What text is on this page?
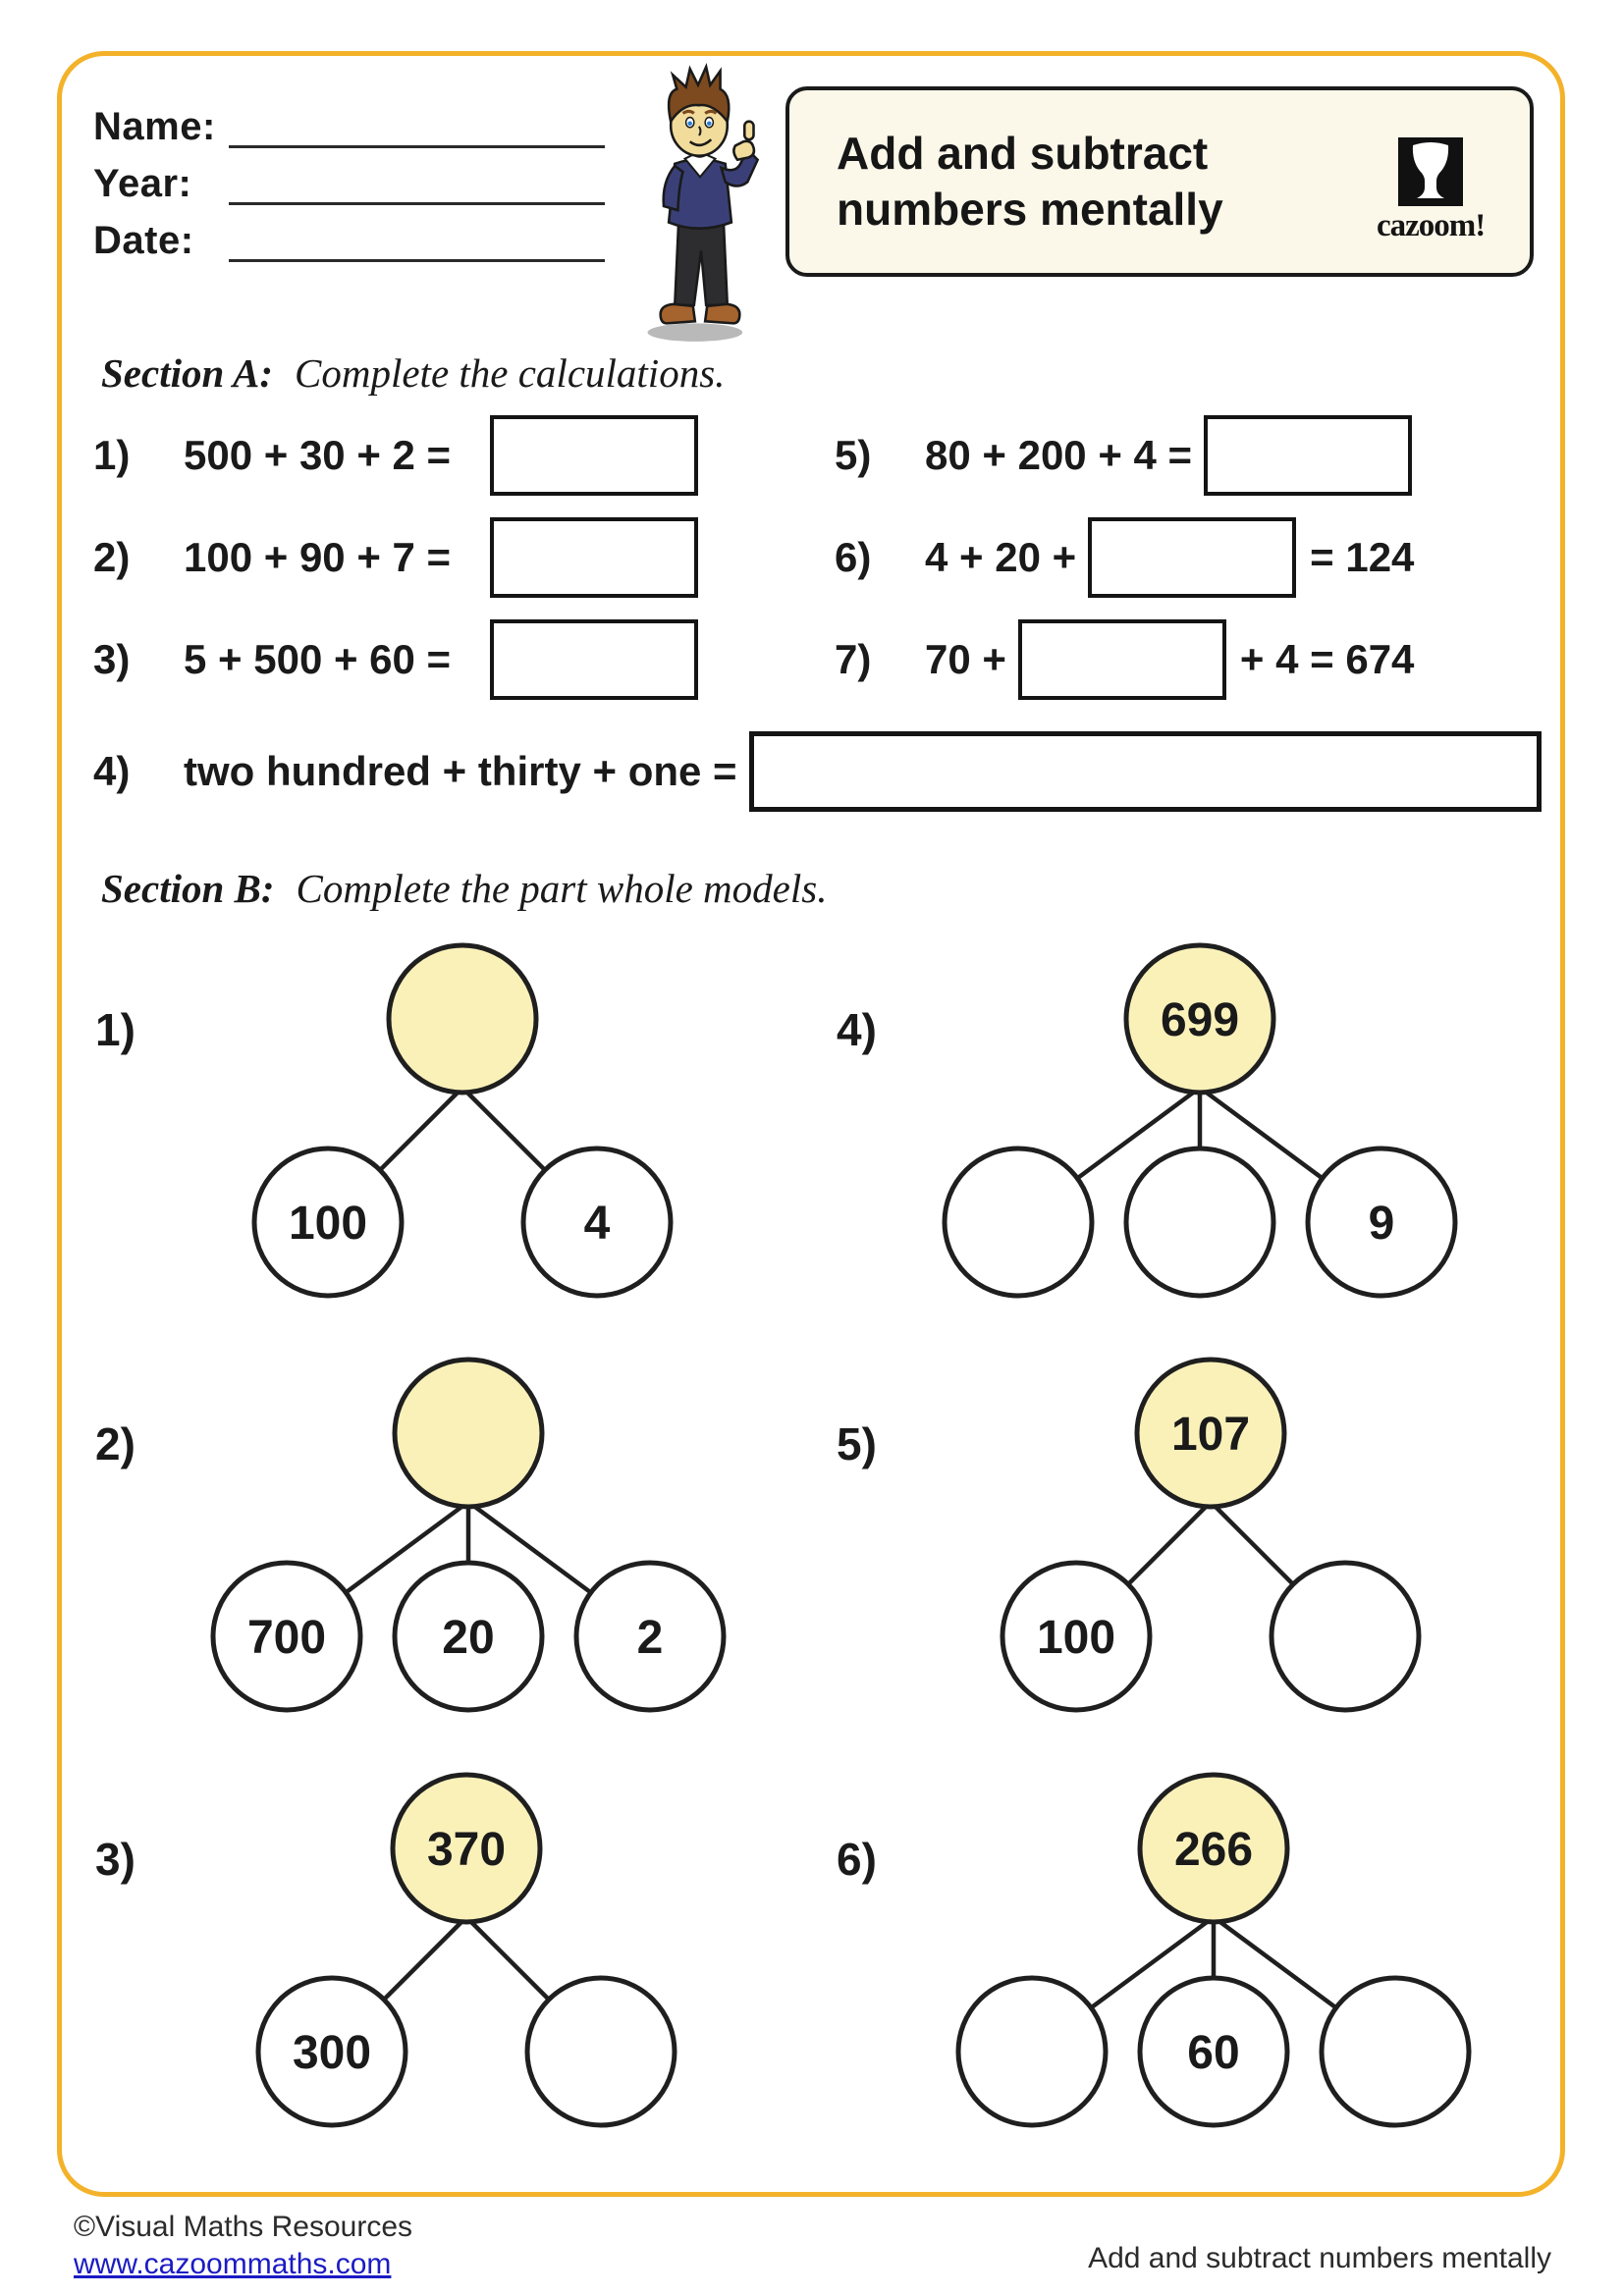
Name:
Year:
Date:
Add and subtract
numbers mentally	cazoom!
Section A: Complete the calculations.
1)	500 + 30 + 2 =
2)	100 + 90 + 7 =
3)	5 + 500 + 60 =
4)	two hundred + thirty + one =
5)	80 + 200 + 4 =
6)	4 + 20 +	= 124
7)	70 +	+ 4 = 674
Section B: Complete the part whole models.
1)
100	4
4)	699
9
2)
700 20	2
5)	107
100
3)	370
300
6)	266
60
©Visual Maths Resources
www.cazoommaths.com	Add and subtract numbers mentally
